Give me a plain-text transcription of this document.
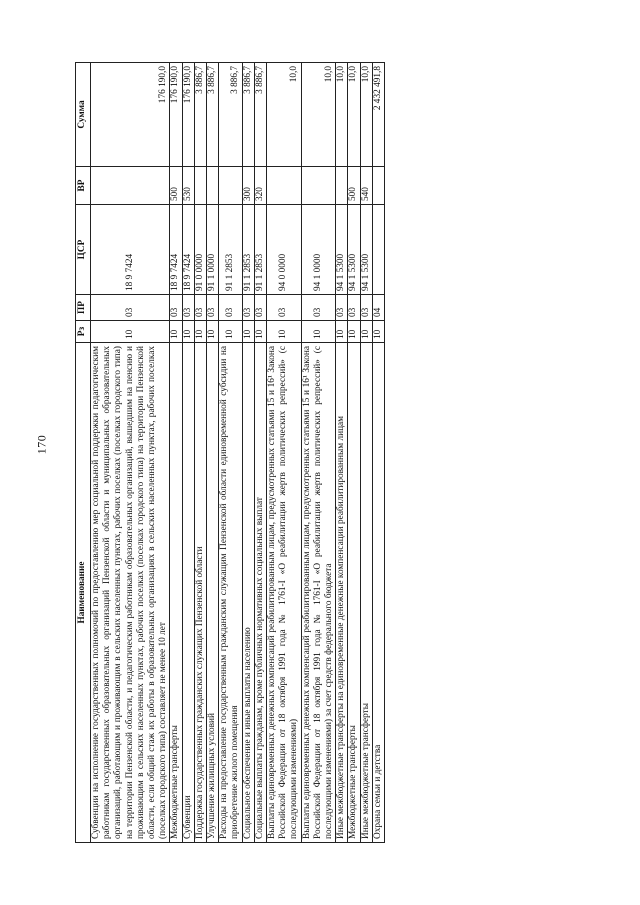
170
Наименование	Рз	ПР	ЦСР	ВР	Сумма
Субвенции на исполнение государственных полномочий по предоставлению мер социальной поддержки педагогическим работникам государственных образовательных организаций Пензенской области и муниципальных образовательных организаций, работающим и проживающим в сельских населенных пунктах, рабочих поселках (поселках городского типа) на территории Пензенской области, и педагогическим работникам образовательных организаций, вышедшим на пенсию и проживающим в сельских населенных пунктах, рабочих поселках (поселках городского типа) на территории Пензенской области, если общий стаж их работы в образовательных организациях в сельских населенных пунктах, рабочих поселках (поселках городского типа) составляет не менее 10 лет	10	03	18 9 7424		176 190,0
Межбюджетные трансферты	10	03	18 9 7424	500	176 190,0
Субвенции	10	03	18 9 7424	530	176 190,0
Поддержка государственных гражданских служащих Пензенской области	10	03	91 0 0000		3 886,7
Улучшение жилищных условий	10	03	91 1 0000		3 886,7
Расходы на предоставление государственным гражданским служащим Пензенской области единовременной субсидии на приобретение жилого помещения	10	03	91 1 2853		3 886,7
Социальное обеспечение и иные выплаты населению	10	03	91 1 2853	300	3 886,7
Социальные выплаты гражданам, кроме публичных нормативных социальных выплат	10	03	91 1 2853	320	3 886,7
Выплаты единовременных денежных компенсаций реабилитированным лицам, предусмотренных статьями 15 и 16¹ Закона Российской Федерации от 18 октября 1991 года № 1761-I «О реабилитации жертв политических репрессий» (с последующими изменениями)	10	03	94 0 0000		10,0
Выплаты единовременных денежных компенсаций реабилитированным лицам, предусмотренных статьями 15 и 16¹ Закона Российской Федерации от 18 октября 1991 года № 1761-I «О реабилитации жертв политических репрессий» (с последующими изменениями) за счет средств федерального бюджета	10	03	94 1 0000		10,0
Иные межбюджетные трансферты на единовременные денежные компенсации реабилитированным лицам	10	03	94 1 5300		10,0
Межбюджетные трансферты	10	03	94 1 5300	500	10,0
Иные межбюджетные трансферты	10	03	94 1 5300	540	10,0
Охрана семьи и детства	10	04			2 432 491,8
